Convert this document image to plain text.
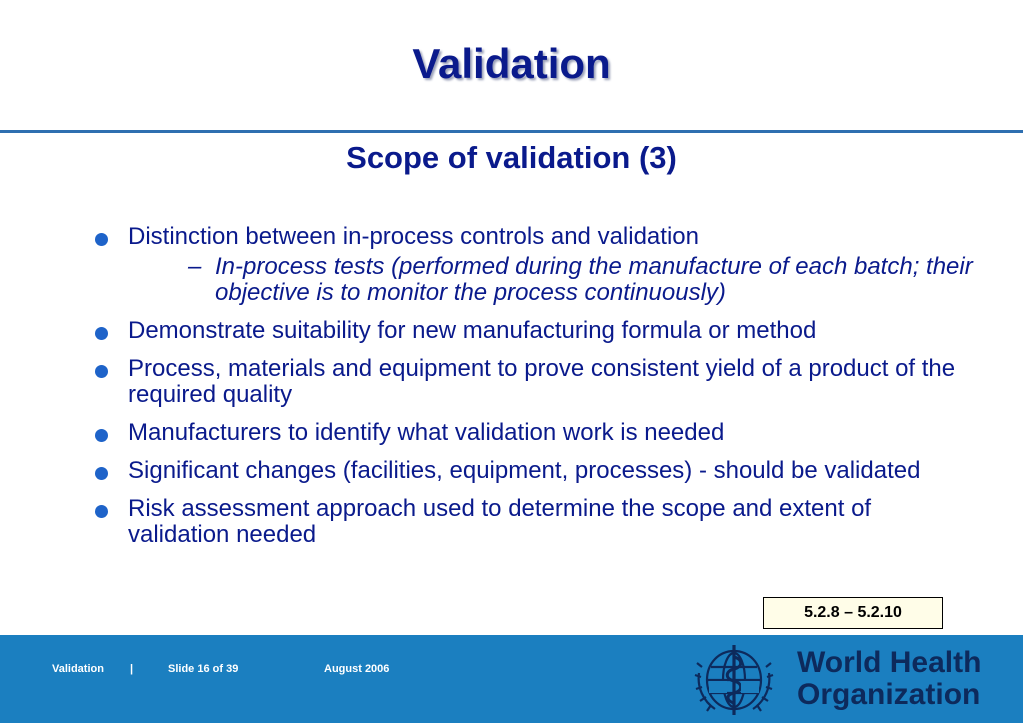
Validation
Scope of validation (3)
Distinction between in-process controls and validation
– In-process tests (performed during the manufacture of each batch; their objective is to monitor the process continuously)
Demonstrate suitability for new manufacturing formula or method
Process, materials and equipment to prove consistent yield of a product of the required quality
Manufacturers to identify what validation work is needed
Significant changes (facilities, equipment, processes) - should be validated
Risk assessment approach used to determine the scope and extent of validation needed
5.2.8 – 5.2.10
Validation |	Slide 16 of 39	August 2006	World Health
Organization
